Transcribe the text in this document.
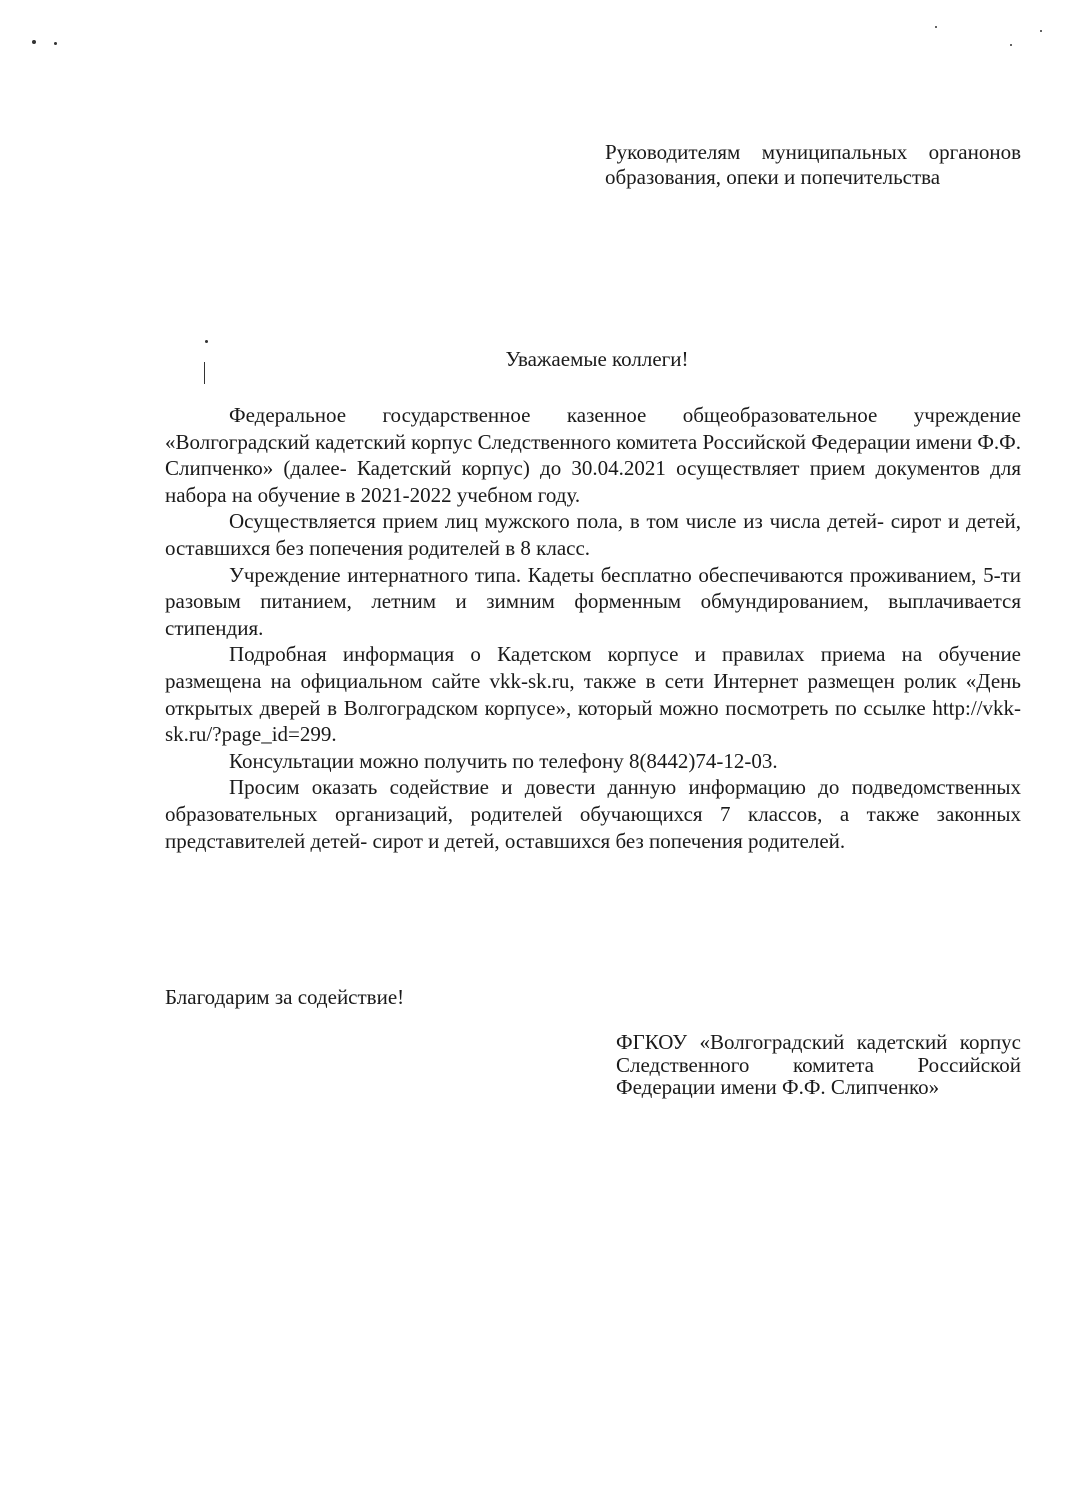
Руководителям муниципальных органонов образования, опеки и попечительства
Уважаемые коллеги!

Федеральное государственное казенное общеобразовательное учреждение «Волгоградский кадетский корпус Следственного комитета Российской Федерации имени Ф.Ф. Слипченко» (далее- Кадетский корпус) до 30.04.2021 осуществляет прием документов для набора на обучение в 2021-2022 учебном году.

Осуществляется прием лиц мужского пола, в том числе из числа детей- сирот и детей, оставшихся без попечения родителей в 8 класс.

Учреждение интернатного типа. Кадеты бесплатно обеспечиваются проживанием, 5-ти разовым питанием, летним и зимним форменным обмундированием, выплачивается стипендия.

Подробная информация о Кадетском корпусе и правилах приема на обучение размещена на официальном сайте vkk-sk.ru, также в сети Интернет размещен ролик «День открытых дверей в Волгоградском корпусе», который можно посмотреть по ссылке http://vkk-sk.ru/?page_id=299.

Консультации можно получить по телефону 8(8442)74-12-03.

Просим оказать содействие и довести данную информацию до подведомственных образовательных организаций, родителей обучающихся 7 классов, а также законных представителей детей- сирот и детей, оставшихся без попечения родителей.

Благодарим за содействие!
ФГКОУ «Волгоградский кадетский корпус Следственного комитета Российской Федерации имени Ф.Ф. Слипченко»
